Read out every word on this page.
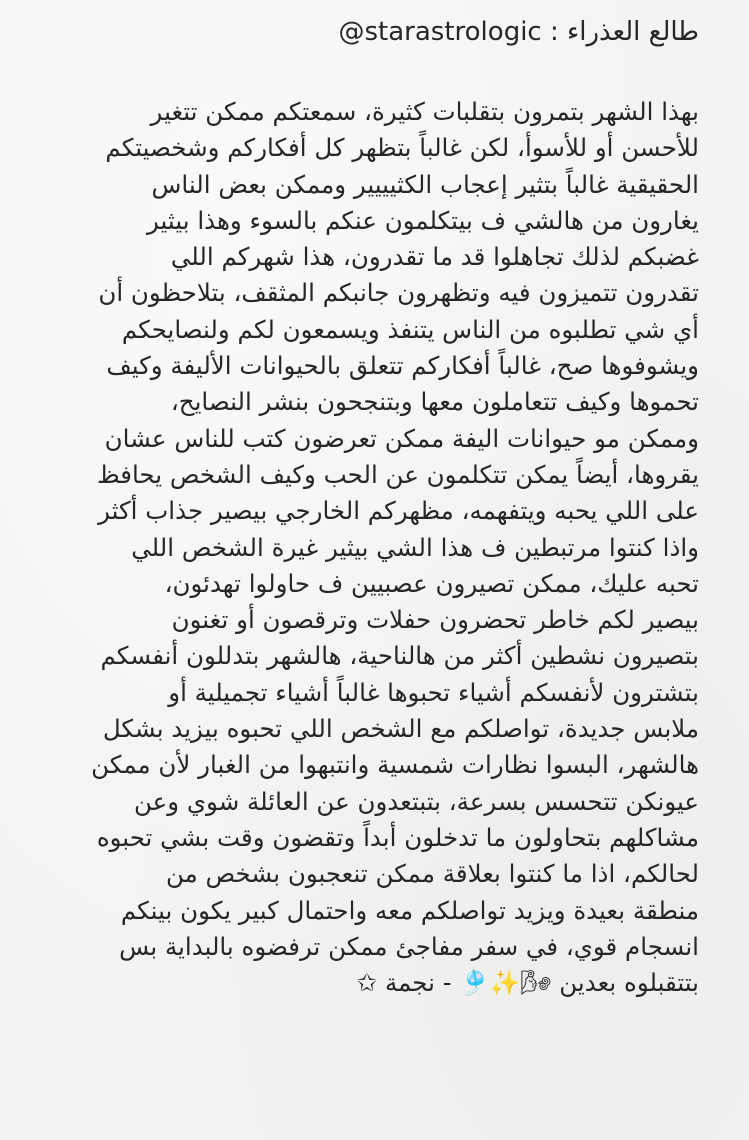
طالع العذراء : starastrologic@
بهذا الشهر بتمرون بتقلبات كثيرة، سمعتكم ممكن تتغير
للأحسن أو للأسوأ، لكن غالباً بتظهر كل أفكاركم وشخصيتكم
الحقيقية غالباً بتثير إعجاب الكثيييير وممكن بعض الناس
يغارون من هالشي ف بيتكلمون عنكم بالسوء وهذا بيثير
غضبكم لذلك تجاهلوا قد ما تقدرون، هذا شهركم اللي
تقدرون تتميزون فيه وتظهرون جانبكم المثقف، بتلاحظون أن
أي شي تطلبوه من الناس يتنفذ ويسمعون لكم ولنصايحكم
ويشوفوها صح، غالباً أفكاركم تتعلق بالحيوانات الأليفة وكيف
تحموها وكيف تتعاملون معها وبتنجحون بنشر النصايح،
وممكن مو حيوانات اليفة ممكن تعرضون كتب للناس عشان
يقروها، أيضاً يمكن تتكلمون عن الحب وكيف الشخص يحافظ
على اللي يحبه ويتفهمه، مظهركم الخارجي بيصير جذاب أكثر
واذا كنتوا مرتبطين ف هذا الشي بيثير غيرة الشخص اللي
تحبه عليك، ممكن تصيرون عصبيين ف حاولوا تهدئون،
بيصير لكم خاطر تحضرون حفلات وترقصون أو تغنون
بتصيرون نشطين أكثر من هالناحية، هالشهر بتدللون أنفسكم
بتشترون لأنفسكم أشياء تحبوها غالباً أشياء تجميلية أو
ملابس جديدة، تواصلكم مع الشخص اللي تحبوه بيزيد بشكل
هالشهر، البسوا نظارات شمسية وانتبهوا من الغبار لأن ممكن
عيونكن تتحسس بسرعة، بتبتعدون عن العائلة شوي وعن
مشاكلهم بتحاولون ما تدخلون أبداً وتقضون وقت بشي تحبوه
لحالكم، اذا ما كنتوا بعلاقة ممكن تنعجبون بشخص من
منطقة بعيدة ويزيد تواصلكم معه واحتمال كبير يكون بينكم
انسجام قوي، في سفر مفاجئ ممكن ترفضوه بالبداية بس
بتتقبلوه بعدين 🌬✨🎐 - نجمة ✩
